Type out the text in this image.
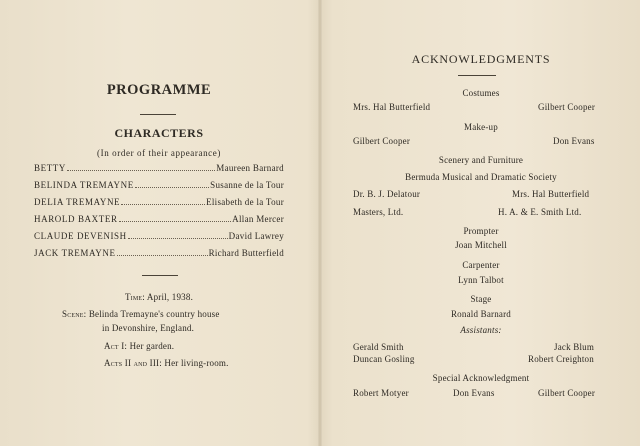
PROGRAMME
CHARACTERS
(In order of their appearance)
BETTY	Maureen Barnard
BELINDA TREMAYNE	Susanne de la Tour
DELIA TREMAYNE	Elisabeth de la Tour
HAROLD BAXTER	Allan Mercer
CLAUDE DEVENISH	David Lawrey
JACK TREMAYNE	Richard Butterfield
Time: April, 1938.
Scene: Belinda Tremayne's country house
in Devonshire, England.
Act I: Her garden.
Acts II and III: Her living-room.
ACKNOWLEDGMENTS
Costumes
Mrs. Hal Butterfield	Gilbert Cooper
Make-up
Gilbert Cooper	Don Evans
Scenery and Furniture
Bermuda Musical and Dramatic Society
Dr. B. J. Delatour	Mrs. Hal Butterfield
Masters, Ltd.	H. A. & E. Smith Ltd.
Prompter
Joan Mitchell
Carpenter
Lynn Talbot
Stage
Ronald Barnard
Assistants:
Gerald Smith	Jack Blum
Duncan Gosling	Robert Creighton
Special Acknowledgment
Robert Motyer	Don Evans	Gilbert Cooper
